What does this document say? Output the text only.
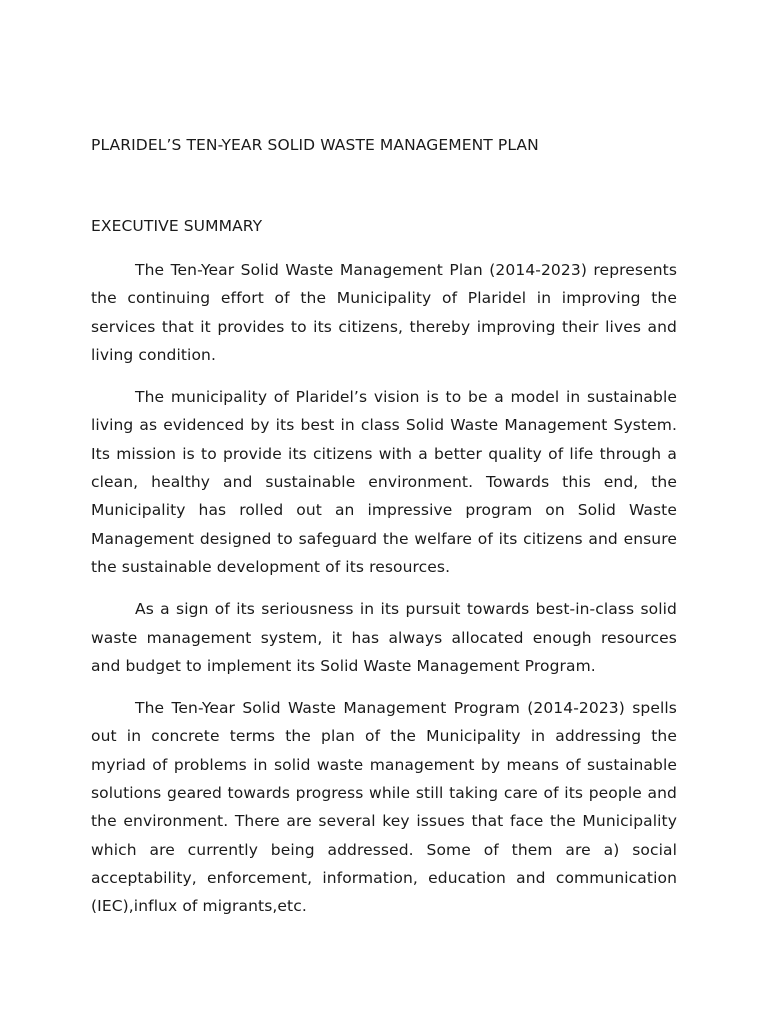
PLARIDEL’S TEN-YEAR SOLID WASTE MANAGEMENT PLAN
EXECUTIVE SUMMARY

The Ten-Year Solid Waste Management Plan (2014-2023) represents the continuing effort of the Municipality of Plaridel in improving the services that it provides to its citizens, thereby improving their lives and living condition.

The municipality of Plaridel’s vision is to be a model in sustainable living as evidenced by its best in class Solid Waste Management System. Its mission is to provide its citizens with a better quality of life through a clean, healthy and sustainable environment. Towards this end, the Municipality has rolled out an impressive program on Solid Waste Management designed to safeguard the welfare of its citizens and ensure the sustainable development of its resources.

As a sign of its seriousness in its pursuit towards best-in-class solid waste management system, it has always allocated enough resources and budget to implement its Solid Waste Management Program.

The Ten-Year Solid Waste Management Program (2014-2023) spells out in concrete terms the plan of the Municipality in addressing the myriad of problems in solid waste management by means of sustainable solutions geared towards progress while still taking care of its people and the environment. There are several key issues that face the Municipality which are currently being addressed. Some of them are a) social acceptability, enforcement, information, education and communication (IEC),influx of migrants,etc.
